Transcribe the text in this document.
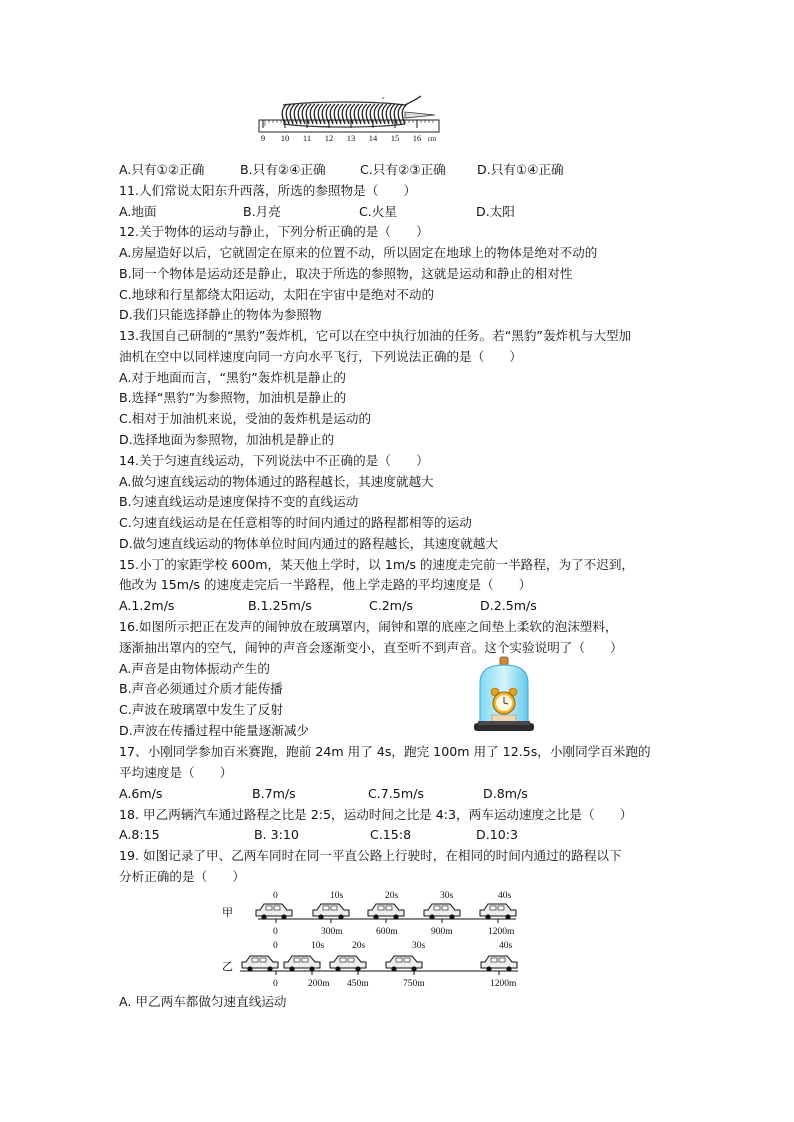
9 10 11 12 13 14 15 16 cm
A.只有①②正确	B.只有②④正确	C.只有②③正确 D.只有①④正确
11.人们常说太阳东升西落，所选的参照物是（　　）
A.地面	B.月亮	C.火星	D.太阳
12.关于物体的运动与静止，下列分析正确的是（　　）
A.房屋造好以后，它就固定在原来的位置不动，所以固定在地球上的物体是绝对不动的
B.同一个物体是运动还是静止，取决于所选的参照物，这就是运动和静止的相对性
C.地球和行星都绕太阳运动，太阳在宇宙中是绝对不动的
D.我们只能选择静止的物体为参照物
13.我国自己研制的“黑豹”轰炸机，它可以在空中执行加油的任务。若“黑豹”轰炸机与大型加
油机在空中以同样速度向同一方向水平飞行，下列说法正确的是（　　）
A.对于地面而言，“黑豹”轰炸机是静止的
B.选择“黑豹”为参照物，加油机是静止的
C.相对于加油机来说，受油的轰炸机是运动的
D.选择地面为参照物，加油机是静止的
14.关于匀速直线运动，下列说法中不正确的是（　　）
A.做匀速直线运动的物体通过的路程越长，其速度就越大
B.匀速直线运动是速度保持不变的直线运动
C.匀速直线运动是在任意相等的时间内通过的路程都相等的运动
D.做匀速直线运动的物体单位时间内通过的路程越长，其速度就越大
15.小丁的家距学校 600m，某天他上学时，以 1m/s 的速度走完前一半路程，为了不迟到，
他改为 15m/s 的速度走完后一半路程，他上学走路的平均速度是（　　）
A.1.2m/s	B.1.25m/s	C.2m/s	D.2.5m/s
16.如图所示把正在发声的闹钟放在玻璃罩内，闹钟和罩的底座之间垫上柔软的泡沫塑料，
逐渐抽出罩内的空气，闹钟的声音会逐渐变小，直至听不到声音。这个实验说明了（　　）
A.声音是由物体振动产生的
B.声音必须通过介质才能传播
C.声波在玻璃罩中发生了反射
D.声波在传播过程中能量逐渐减少
17、小刚同学参加百米赛跑，跑前 24m 用了 4s，跑完 100m 用了 12.5s，小刚同学百米跑的
平均速度是（　　）
A.6m/s	B.7m/s	C.7.5m/s	D.8m/s
18. 甲乙两辆汽车通过路程之比是 2:5，运动时间之比是 4:3，两车运动速度之比是（　　）
A.8:15	B. 3:10	C.15:8	D.10:3
19. 如图记录了甲、乙两车同时在同一平直公路上行驶时，在相同的时间内通过的路程以下
分析正确的是（　　）
甲
0	10s	20s	30s	40s
0	300m	600m	900m	1200m
乙
0	10s	20s	30s	40s
0	200m 450m	750m	1200m
A. 甲乙两车都做匀速直线运动
